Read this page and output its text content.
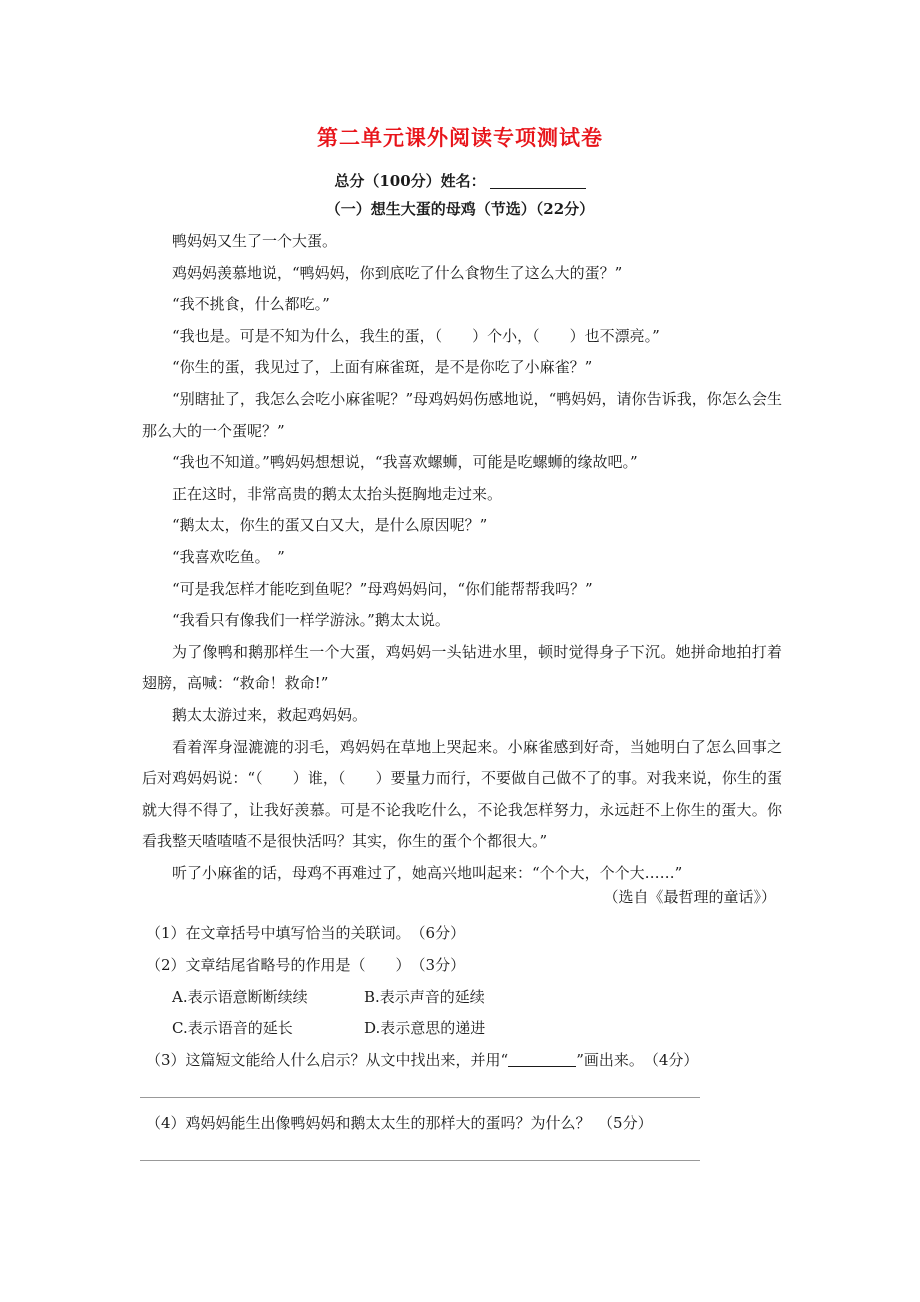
第二单元课外阅读专项测试卷
总分（100分）姓名：
（一）想生大蛋的母鸡（节选）（22分）

鸭妈妈又生了一个大蛋。

鸡妈妈羡慕地说，“鸭妈妈，你到底吃了什么食物生了这么大的蛋？”

“我不挑食，什么都吃。”

“我也是。可是不知为什么，我生的蛋，（　　）个小，（　　）也不漂亮。”

“你生的蛋，我见过了，上面有麻雀斑，是不是你吃了小麻雀？”

“别瞎扯了，我怎么会吃小麻雀呢？”母鸡妈妈伤感地说，“鸭妈妈，请你告诉我，你怎么会生那么大的一个蛋呢？”

“我也不知道。”鸭妈妈想想说，“我喜欢螺蛳，可能是吃螺蛳的缘故吧。”

正在这时，非常高贵的鹅太太抬头挺胸地走过来。

“鹅太太，你生的蛋又白又大，是什么原因呢？”

“我喜欢吃鱼。　”

“可是我怎样才能吃到鱼呢？”母鸡妈妈问，“你们能帮帮我吗？”

“我看只有像我们一样学游泳。”鹅太太说。

为了像鸭和鹅那样生一个大蛋，鸡妈妈一头钻进水里，顿时觉得身子下沉。她拼命地拍打着翅膀，高喊：“救命！救命!”

鹅太太游过来，救起鸡妈妈。

看着浑身湿漉漉的羽毛，鸡妈妈在草地上哭起来。小麻雀感到好奇，当她明白了怎么回事之后对鸡妈妈说：“（　　）谁，（　　）要量力而行，不要做自己做不了的事。对我来说，你生的蛋就大得不得了，让我好羡慕。可是不论我吃什么，不论我怎样努力，永远赶不上你生的蛋大。你看我整天喳喳喳不是很快活吗？其实，你生的蛋个个都很大。”

听了小麻雀的话，母鸡不再难过了，她高兴地叫起来：“个个大，个个大……”

（选自《最哲理的童话》）
（1）在文章括号中填写恰当的关联词。　（6分）
（2）文章结尾省略号的作用是（　　）　（3分）
A.表示语意断断续续	B.表示声音的延续
C.表示语音的延长	D.表示意思的递进
（3）这篇短文能给人什么启示？从文中找出来，并用“	”画出来。　（4分）
（4）鸡妈妈能生出像鸭妈妈和鹅太太生的那样大的蛋吗？为什么？　（5分）
